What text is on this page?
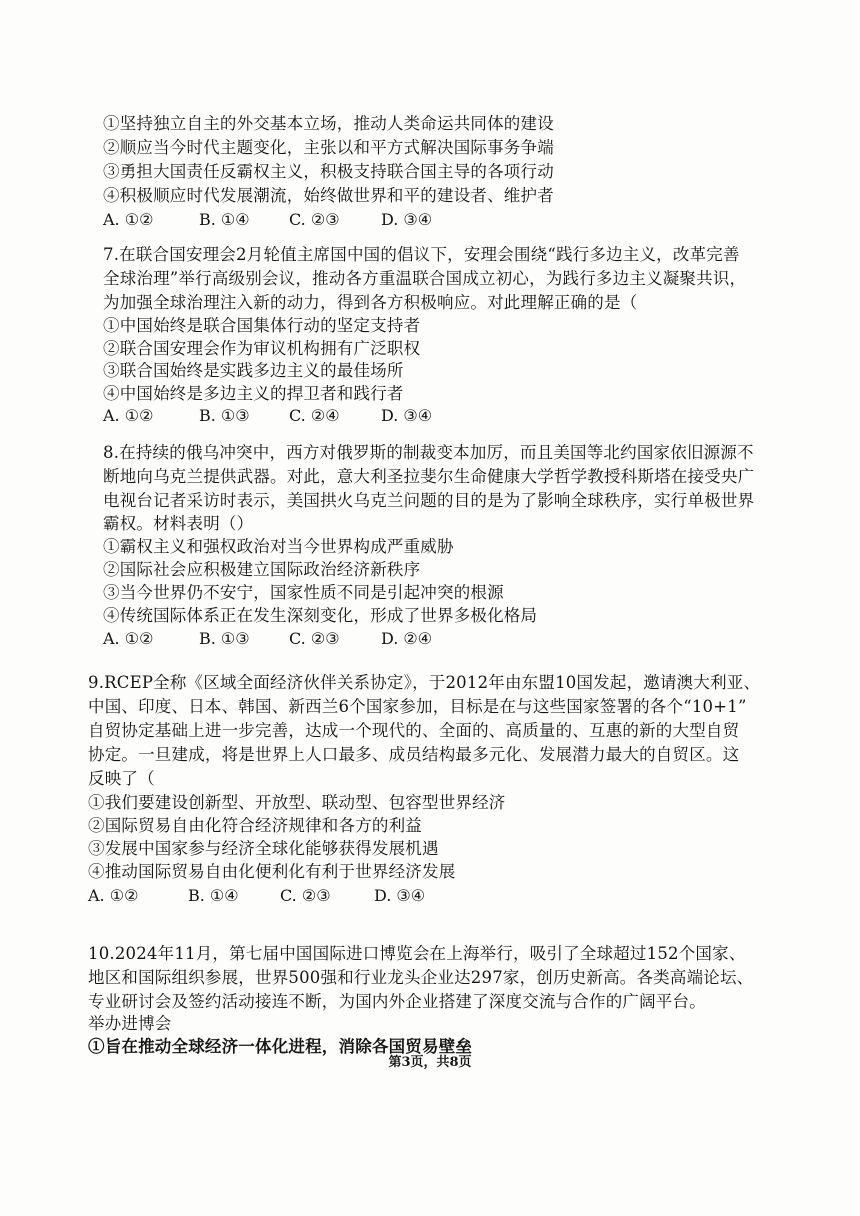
①坚持独立自主的外交基本立场，推动人类命运共同体的建设
②顺应当今时代主题变化，主张以和平方式解决国际事务争端
③勇担大国责任反霸权主义，积极支持联合国主导的各项行动
④积极顺应时代发展潮流，始终做世界和平的建设者、维护者
A. ①②	B. ①④ C. ②③	D. ③④
7.在联合国安理会2月轮值主席国中国的倡议下，安理会围绕“践行多边主义，改革完善
全球治理”举行高级别会议，推动各方重温联合国成立初心，为践行多边主义凝聚共识，
为加强全球治理注入新的动力，得到各方积极响应。对此理解正确的是（
①中国始终是联合国集体行动的坚定支持者
②联合国安理会作为审议机构拥有广泛职权
③联合国始终是实践多边主义的最佳场所
④中国始终是多边主义的捍卫者和践行者
A. ①②	B. ①③ C. ②④	D. ③④
8.在持续的俄乌冲突中，西方对俄罗斯的制裁变本加厉，而且美国等北约国家依旧源源不
断地向乌克兰提供武器。对此，意大利圣拉斐尔生命健康大学哲学教授科斯塔在接受央广
电视台记者采访时表示，美国拱火乌克兰问题的目的是为了影响全球秩序，实行单极世界
霸权。材料表明（）
①霸权主义和强权政治对当今世界构成严重威胁
②国际社会应积极建立国际政治经济新秩序
③当今世界仍不安宁，国家性质不同是引起冲突的根源
④传统国际体系正在发生深刻变化，形成了世界多极化格局
A. ①②	B. ①③ C. ②③	D. ②④
9.RCEP全称《区域全面经济伙伴关系协定》，于2012年由东盟10国发起，邀请澳大利亚、
中国、印度、日本、韩国、新西兰6个国家参加，目标是在与这些国家签署的各个“10+1”
自贸协定基础上进一步完善，达成一个现代的、全面的、高质量的、互惠的新的大型自贸
协定。一旦建成，将是世界上人口最多、成员结构最多元化、发展潜力最大的自贸区。这
反映了（
①我们要建设创新型、开放型、联动型、包容型世界经济
②国际贸易自由化符合经济规律和各方的利益
③发展中国家参与经济全球化能够获得发展机遇
④推动国际贸易自由化便利化有利于世界经济发展
A. ①②	B. ①④	C. ②③	D. ③④
10.2024年11月，第七届中国国际进口博览会在上海举行，吸引了全球超过152个国家、
地区和国际组织参展，世界500强和行业龙头企业达297家，创历史新高。各类高端论坛、
专业研讨会及签约活动接连不断，为国内外企业搭建了深度交流与合作的广阔平台。
举办进博会
①旨在推动全球经济一体化进程，消除各国贸易壁垒
第3页，共8页
